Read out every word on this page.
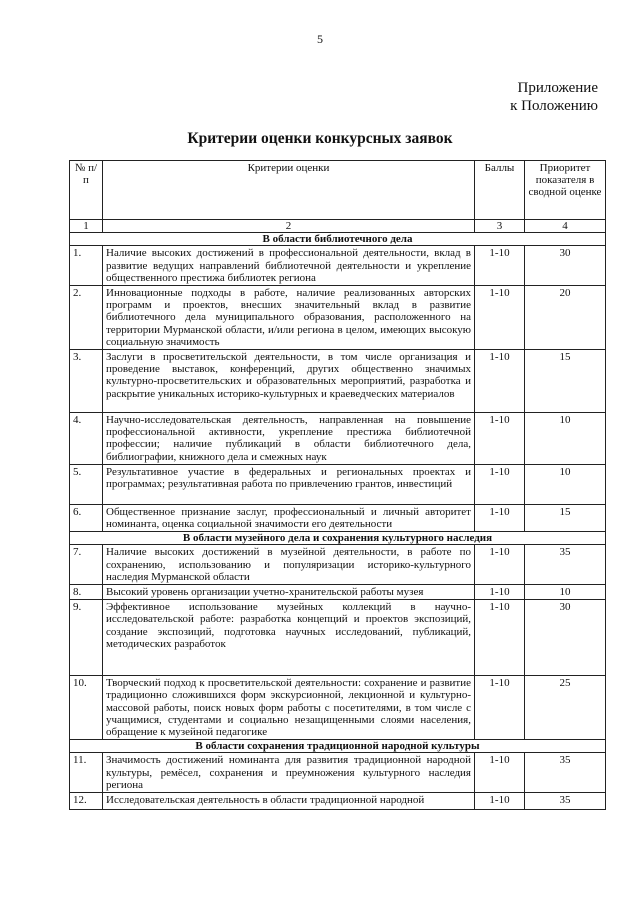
5
Приложение
к Положению
Критерии оценки конкурсных заявок
№ п/п	Критерии оценки	Баллы	Приоритет показателя в сводной оценке
1	2	3	4
В области библиотечного дела			
1.	Наличие высоких достижений в профессиональной деятельности, вклад в развитие ведущих направлений библиотечной деятельности и укрепление общественного престижа библиотек региона	1-10	30
2.	Инновационные подходы в работе, наличие реализованных авторских программ и проектов, внесших значительный вклад в развитие библиотечного дела муниципального образования, расположенного на территории Мурманской области, и/или региона в целом, имеющих высокую социальную значимость	1-10	20
3.	Заслуги в просветительской деятельности, в том числе организация и проведение выставок, конференций, других общественно значимых культурно-просветительских и образовательных мероприятий, разработка и раскрытие уникальных историко-культурных и краеведческих материалов	1-10	15
4.	Научно-исследовательская деятельность, направленная на повышение профессиональной активности, укрепление престижа библиотечной профессии; наличие публикаций в области библиотечного дела, библиографии, книжного дела и смежных наук	1-10	10
5.	Результативное участие в федеральных и региональных проектах и программах; результативная работа по привлечению грантов, инвестиций	1-10	10
6.	Общественное признание заслуг, профессиональный и личный авторитет номинанта, оценка социальной значимости его деятельности	1-10	15
В области музейного дела и сохранения культурного наследия			
7.	Наличие высоких достижений в музейной деятельности, в работе по сохранению, использованию и популяризации историко-культурного наследия Мурманской области	1-10	35
8.	Высокий уровень организации учетно-хранительской работы музея	1-10	10
9.	Эффективное использование музейных коллекций в научно-исследовательской работе: разработка концепций и проектов экспозиций, создание экспозиций, подготовка научных исследований, публикаций, методических разработок	1-10	30
10.	Творческий подход к просветительской деятельности: сохранение и развитие традиционно сложившихся форм экскурсионной, лекционной и культурно-массовой работы, поиск новых форм работы с посетителями, в том числе с учащимися, студентами и социально незащищенными слоями населения, обращение к музейной педагогике	1-10	25
В области сохранения традиционной народной культуры			
11.	Значимость достижений номинанта для развития традиционной народной культуры, ремёсел, сохранения и преумножения культурного наследия региона	1-10	35
12.	Исследовательская деятельность в области традиционной народной	1-10	35
